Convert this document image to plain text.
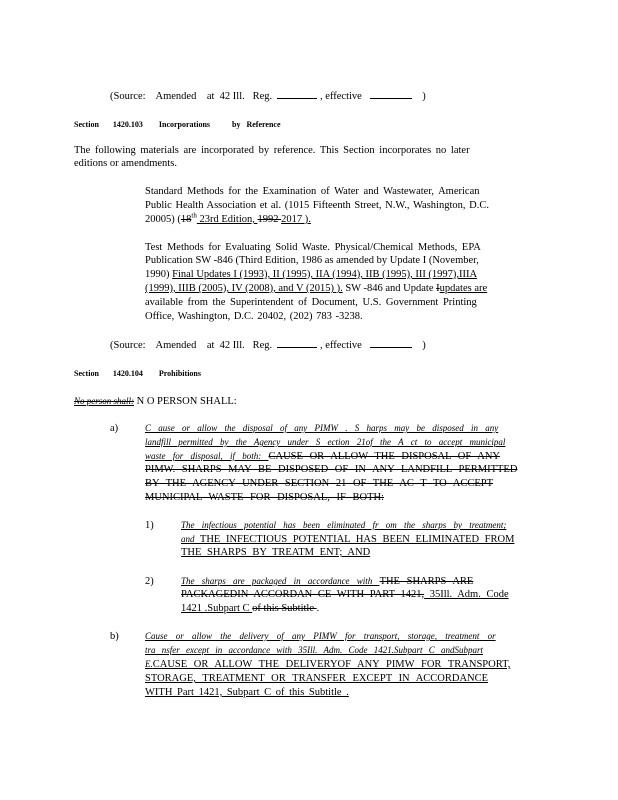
(Source: Amended at 42 Ill. Reg.	, effective	)
Section 1420.103 Incorporations	by Reference
The following materials are incorporated by reference. This Section incorporates no later
editions or amendments.
Standard Methods for the Examination of Water and Wastewater, American
Public Health Association et al. (1015 Fifteenth Street, N.W., Washington, D.C.
20005) (18th 23rd Edition, 1992 2017 ).
Test Methods for Evaluating Solid Waste. Physical/Chemical Methods, EPA
Publication SW -846 (Third Edition, 1986 as amended by Update I (November,
1990) Final Updates I (1993), II (1995), IIA (1994), IIB (1995), III (1997),IIIA
(1999), IIIB (2005), IV (2008), and V (2015) ). SW -846 and Update Iupdates are
available from the Superintendent of Document, U.S. Government Printing
Office, Washington, D.C. 20402, (202) 783 -3238.
(Source: Amended at 42 Ill. Reg.	, effective	)
Section 1420.104 Prohibitions
No person shall: N O PERSON SHALL:
a)	C ause or allow the disposal of any PIMW . S harps may be disposed in any
landfill permitted by the Agency under S ection 21of the A ct to accept municipal
waste for disposal, if both: CAUSE OR ALLOW THE DISPOSAL OF ANY
PIMW. SHARPS MAY BE DISPOSED OF IN ANY LANDFILL PERMITTED
BY THE AGENCY UNDER SECTION 21 OF THE AC T TO ACCEPT
MUNICIPAL WASTE FOR DISPOSAL, IF BOTH:
1)	The infectious potential has been eliminated fr om the sharps by treatment;
and THE INFECTIOUS POTENTIAL HAS BEEN ELIMINATED FROM
THE SHARPS BY TREATM ENT; AND
2)	The sharps are packaged in accordance with THE SHARPS ARE
PACKAGEDIN ACCORDAN CE WITH PART 1421, 35Ill. Adm. Code
1421 .Subpart C of this Subtitle .
b)	Cause or allow the delivery of any PIMW for transport, storage, treatment or
tra nsfer except in accordance with 35Ill. Adm. Code 1421.Subpart C andSubpart
E.CAUSE OR ALLOW THE DELIVERYOF ANY PIMW FOR TRANSPORT,
STORAGE, TREATMENT OR TRANSFER EXCEPT IN ACCORDANCE
WITH Part 1421, Subpart C of this Subtitle .
